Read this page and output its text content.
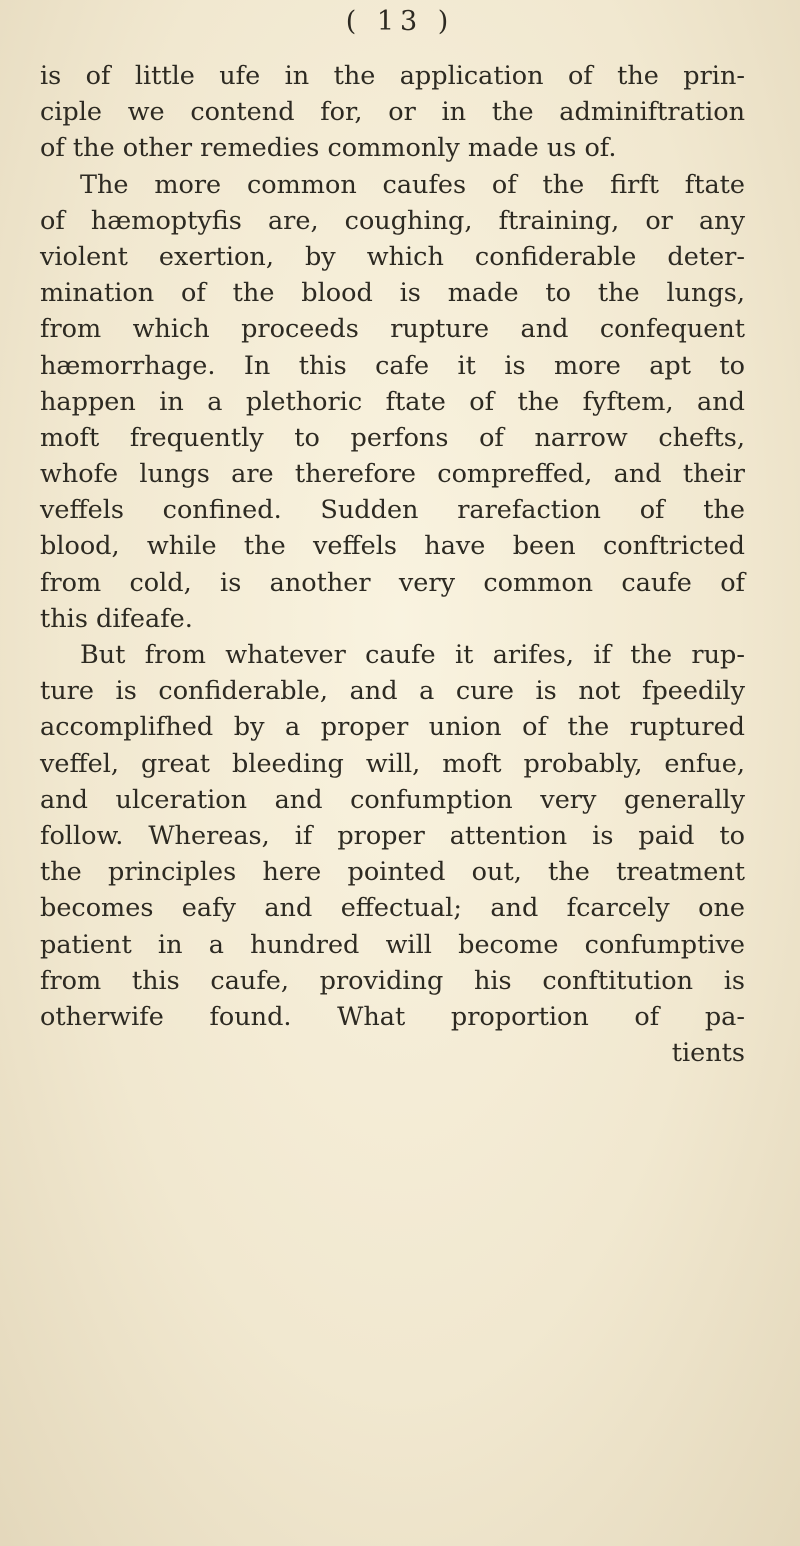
( 13 )
is of little ufe in the application of the prin-
ciple we contend for, or in the adminiftration
of the other remedies commonly made us of.
The more common caufes of the firft ftate
of hæmoptyfis are, coughing, ftraining, or any
violent exertion, by which confiderable deter-
mination of the blood is made to the lungs,
from which proceeds rupture and confequent
hæmorrhage. In this cafe it is more apt to
happen in a plethoric ftate of the fyftem, and
moft frequently to perfons of narrow chefts,
whofe lungs are therefore compreffed, and their
veffels confined. Sudden rarefaction of the
blood, while the veffels have been conftricted
from cold, is another very common caufe of
this difeafe.
But from whatever caufe it arifes, if the rup-
ture is confiderable, and a cure is not fpeedily
accomplifhed by a proper union of the ruptured
veffel, great bleeding will, moft probably, enfue,
and ulceration and confumption very generally
follow. Whereas, if proper attention is paid to
the principles here pointed out, the treatment
becomes eafy and effectual; and fcarcely one
patient in a hundred will become confumptive
from this caufe, providing his conftitution is
otherwife found. What proportion of pa-
tients
